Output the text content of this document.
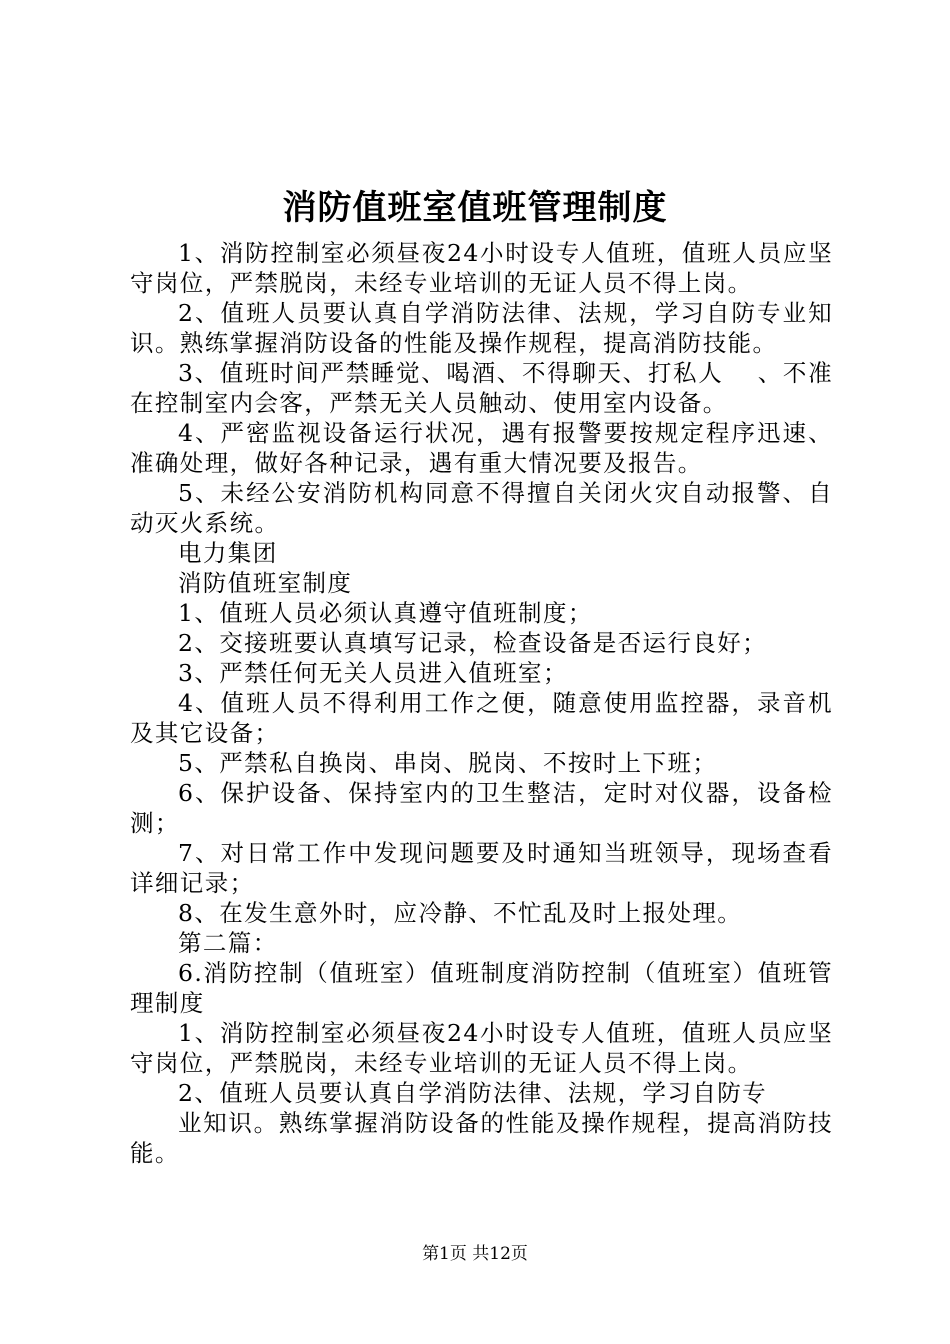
消防值班室值班管理制度

1、消防控制室必须昼夜24小时设专人值班，值班人员应坚守岗位，严禁脱岗，未经专业培训的无证人员不得上岗。

2、值班人员要认真自学消防法律、法规，学习自防专业知识。熟练掌握消防设备的性能及操作规程，提高消防技能。

3、值班时间严禁睡觉、喝酒、不得聊天、打私人　 、不准在控制室内会客，严禁无关人员触动、使用室内设备。

4、严密监视设备运行状况，遇有报警要按规定程序迅速、准确处理，做好各种记录，遇有重大情况要及报告。

5、未经公安消防机构同意不得擅自关闭火灾自动报警、自动灭火系统。

电力集团

消防值班室制度

1、值班人员必须认真遵守值班制度；

2、交接班要认真填写记录，检查设备是否运行良好；

3、严禁任何无关人员进入值班室；

4、值班人员不得利用工作之便，随意使用监控器，录音机及其它设备；

5、严禁私自换岗、串岗、脱岗、不按时上下班；

6、保护设备、保持室内的卫生整洁，定时对仪器，设备检测；

7、对日常工作中发现问题要及时通知当班领导，现场查看详细记录；

8、在发生意外时，应冷静、不忙乱及时上报处理。

第二篇：

6.消防控制（值班室）值班制度消防控制（值班室）值班管理制度

1、消防控制室必须昼夜24小时设专人值班，值班人员应坚守岗位，严禁脱岗，未经专业培训的无证人员不得上岗。

2、值班人员要认真自学消防法律、法规，学习自防专

业知识。熟练掌握消防设备的性能及操作规程，提高消防技能。

第1页 共12页
